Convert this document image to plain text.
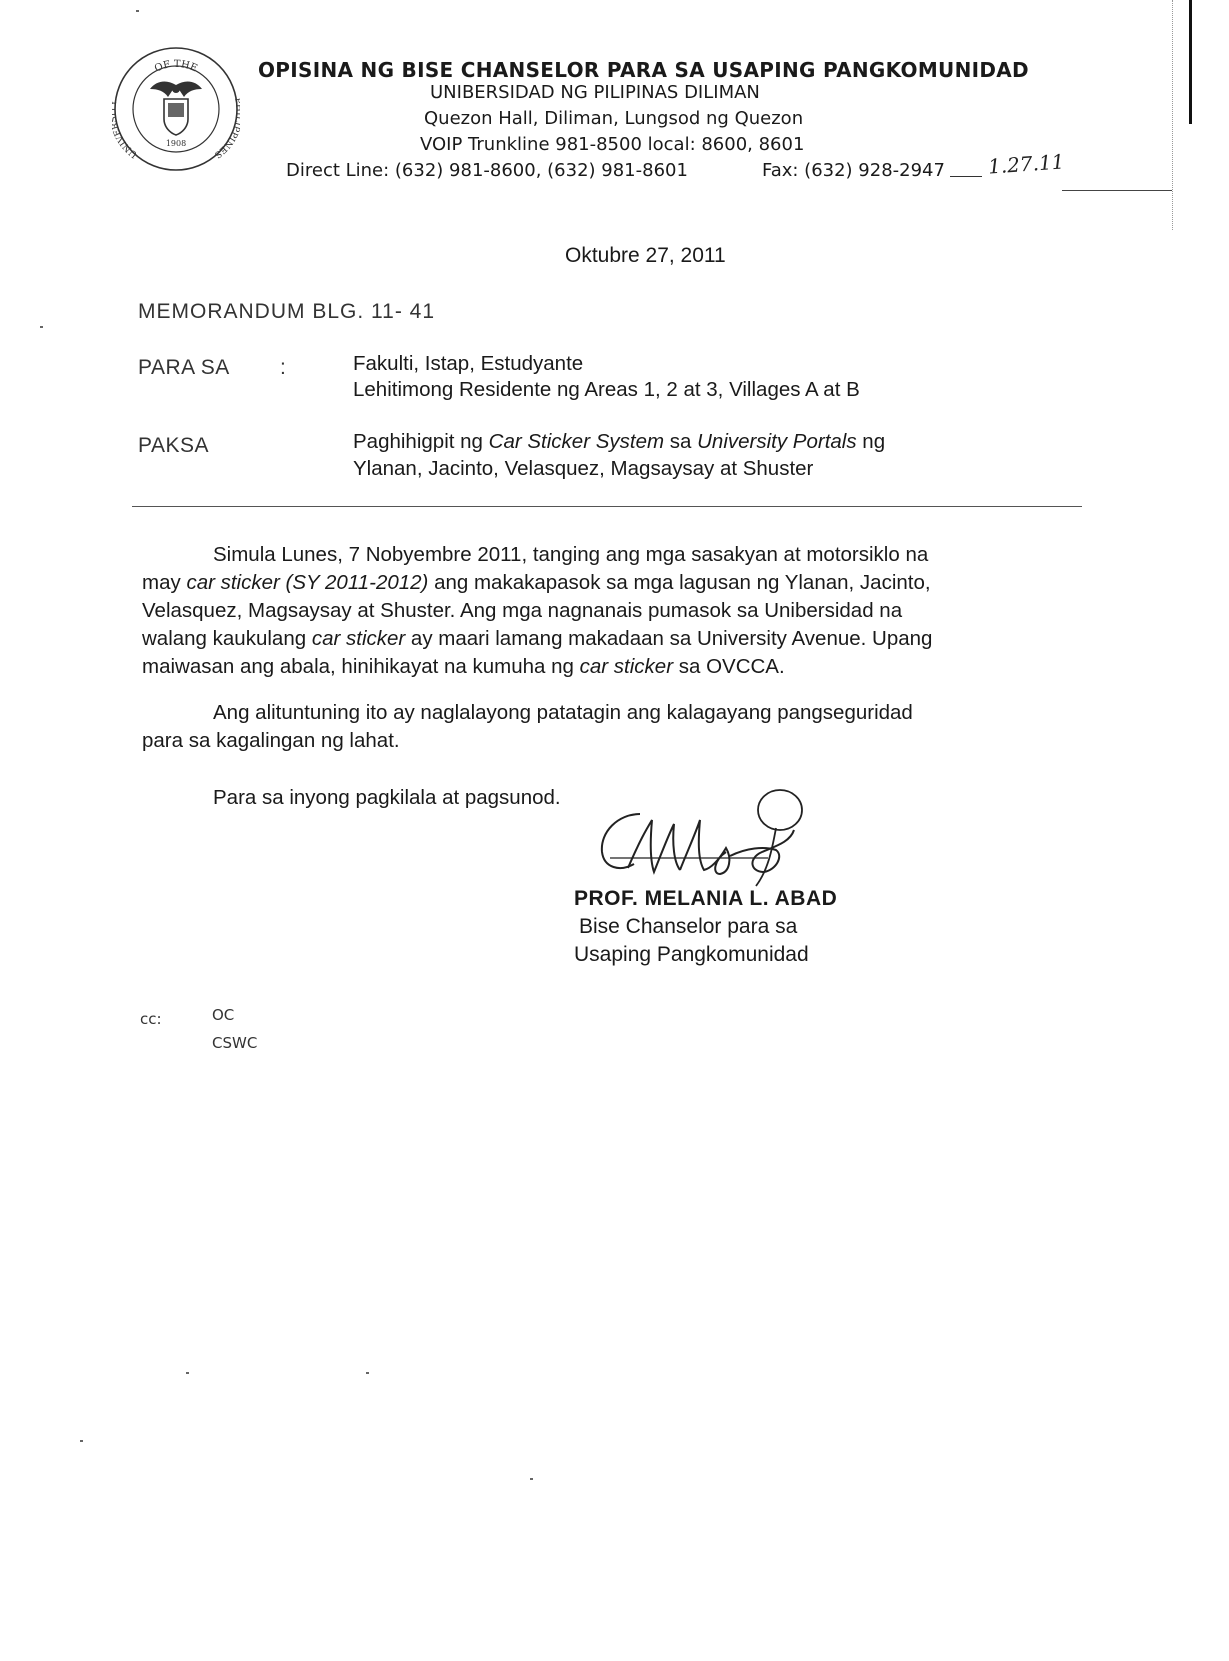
OF THE
UNIVE	PINES
1908
OPISINA NG BISE CHANSELOR PARA SA USAPING PANGKOMUNIDAD
UNIBERSIDAD NG PILIPINAS DILIMAN
Quezon Hall, Diliman, Lungsod ng Quezon
VOIP Trunkline 981-8500 local: 8600, 8601
Direct Line: (632) 981-8600, (632) 981-8601	Fax: (632) 928-2947 1.27.11
Oktubre 27, 2011
MEMORANDUM BLG. 11- 41
PARA SA :	Fakulti, Istap, Estudyante
Lehitimong Residente ng Areas 1, 2 at 3, Villages A at B
PAKSA	Paghihigpit ng Car Sticker System sa University Portals ng
Ylanan, Jacinto, Velasquez, Magsaysay at Shuster
Simula Lunes, 7 Nobyembre 2011, tanging ang mga sasakyan at motorsiklo na
may car sticker (SY 2011-2012) ang makakapasok sa mga lagusan ng Ylanan, Jacinto,
Velasquez, Magsaysay at Shuster. Ang mga nagnanais pumasok sa Unibersidad na
walang kaukulang car sticker ay maari lamang makadaan sa University Avenue. Upang
maiwasan ang abala, hinihikayat na kumuha ng car sticker sa OVCCA.
Ang alituntuning ito ay naglalayong patatagin ang kalagayang pangseguridad
para sa kagalingan ng lahat.
Para sa inyong pagkilala at pagsunod.
PROF. MELANIA L. ABAD
Bise Chanselor para sa
Usaping Pangkomunidad
cc:	OC
CSWC
